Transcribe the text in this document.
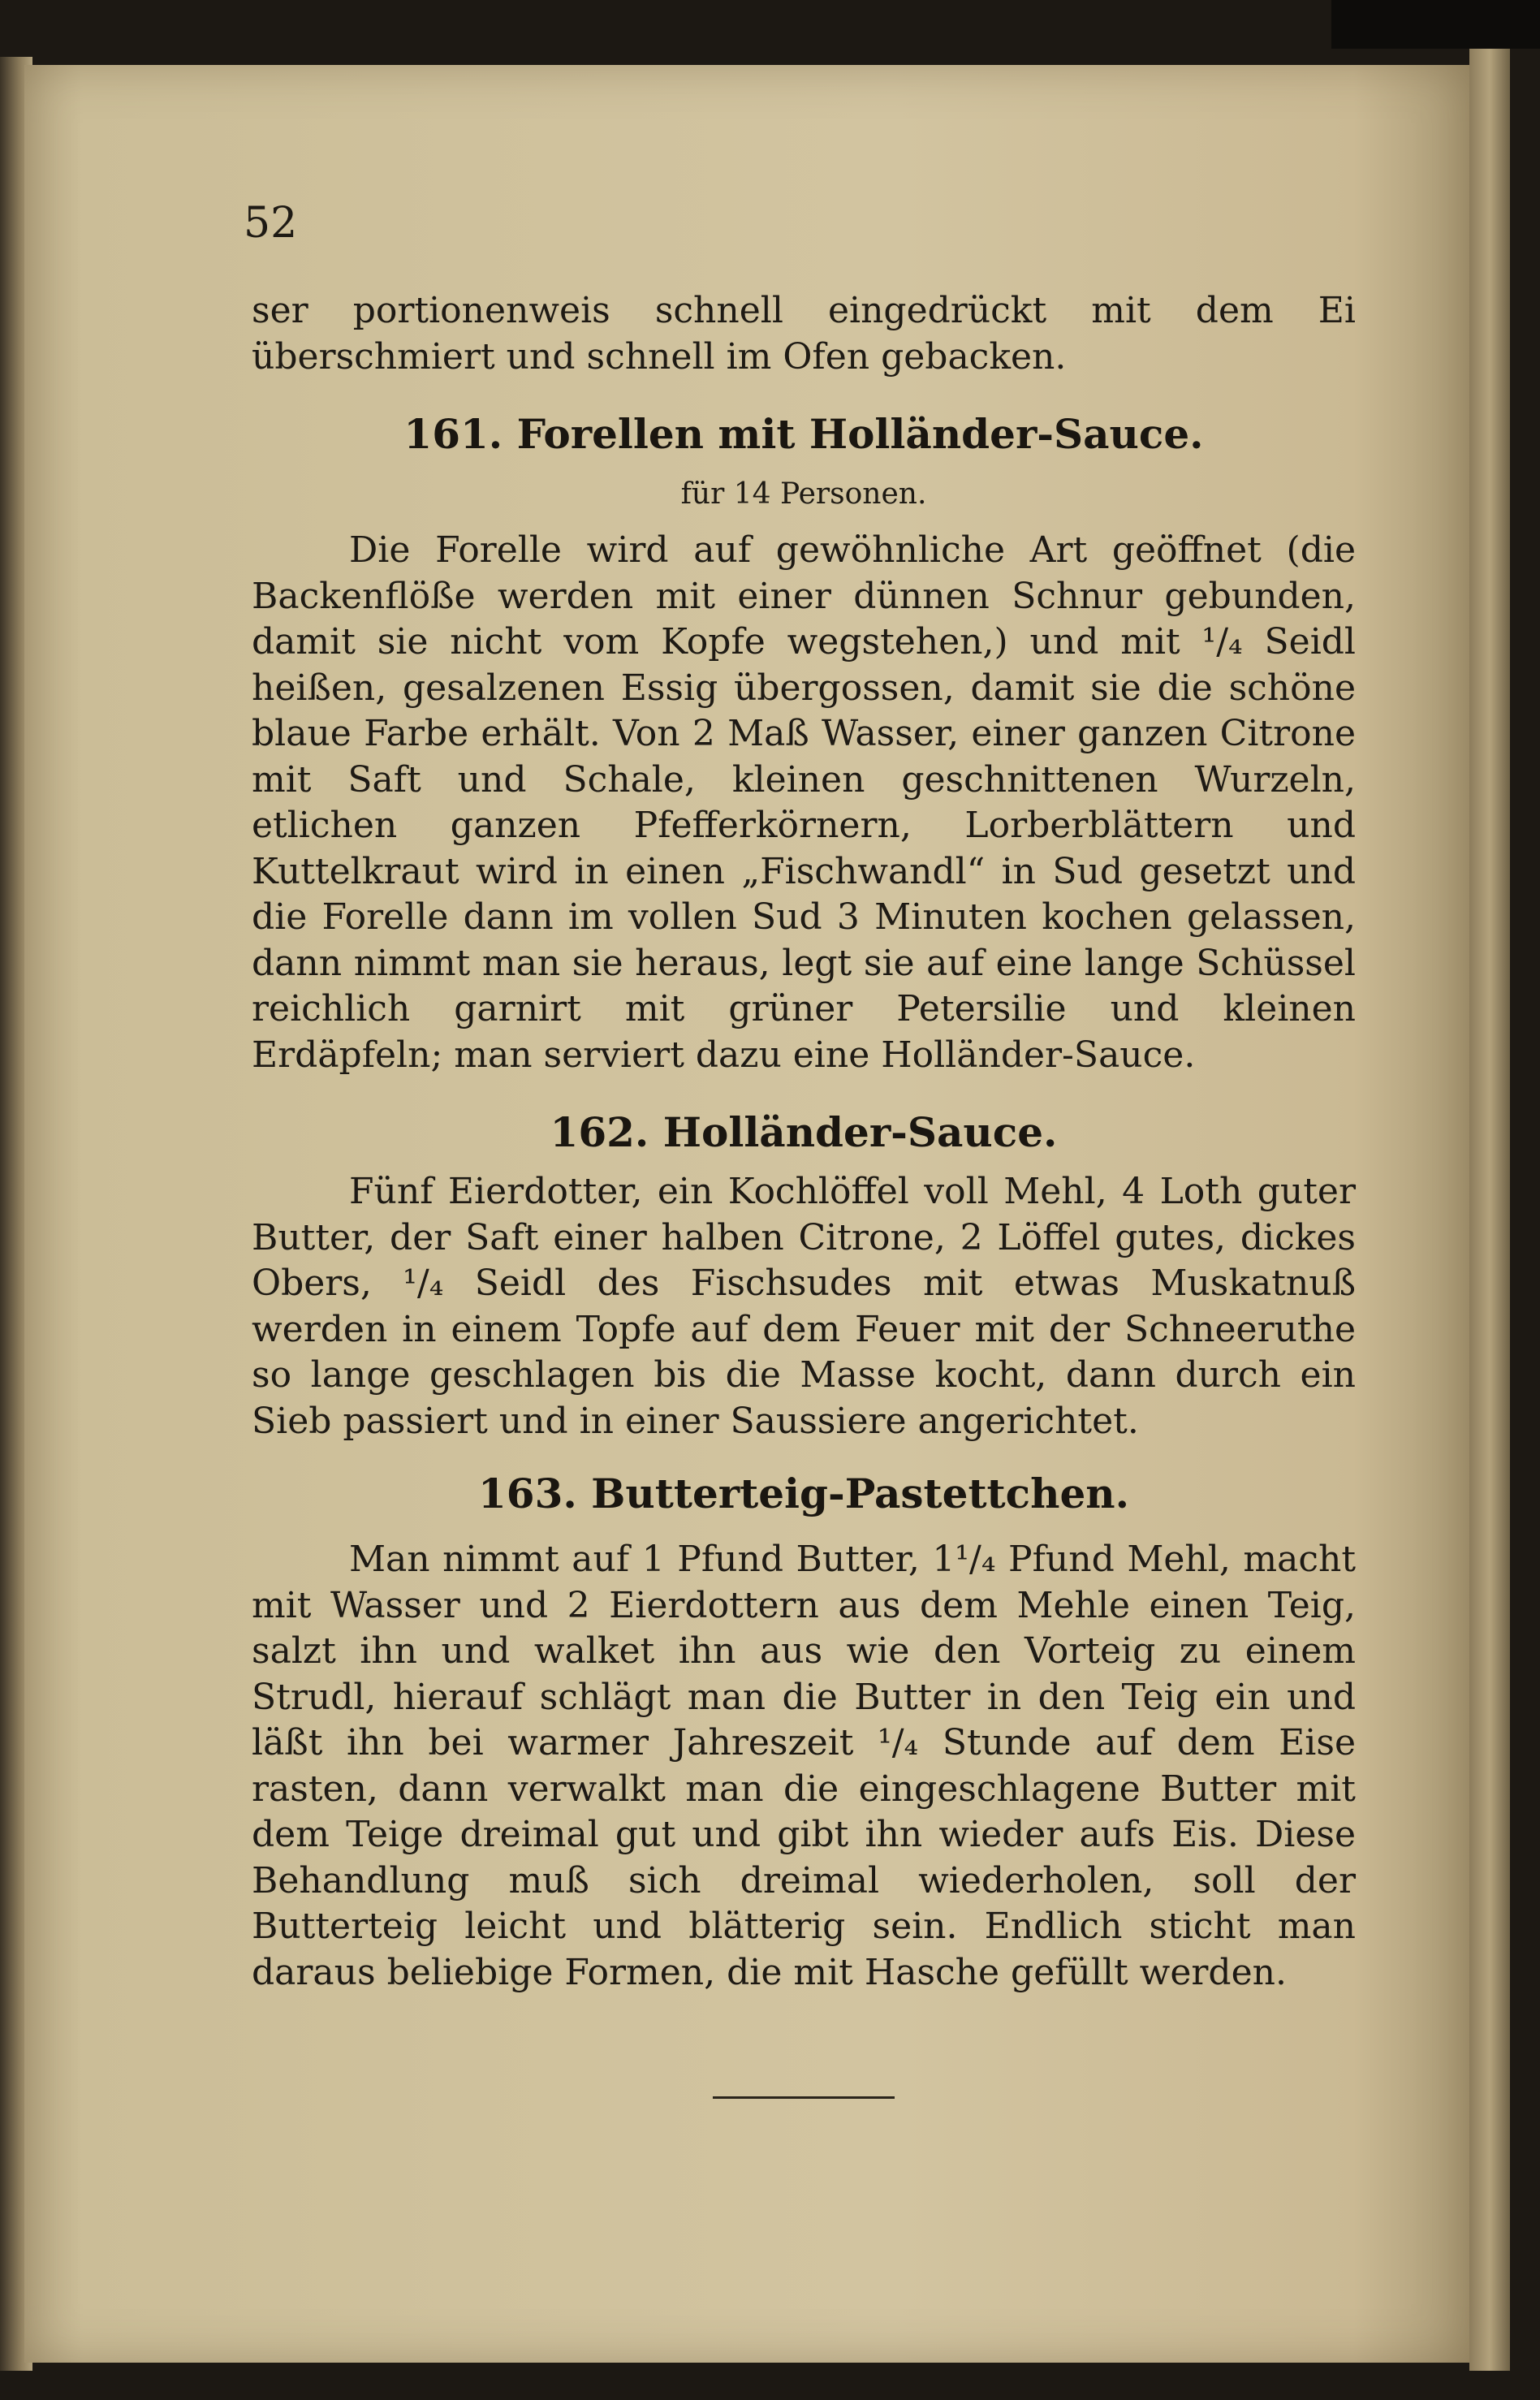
52
ser portionenweis schnell eingedrückt mit dem Ei überschmiert und schnell im Ofen gebacken.
161. Forellen mit Holländer-Sauce.
für 14 Personen.
Die Forelle wird auf gewöhnliche Art geöffnet (die Backenflöße werden mit einer dünnen Schnur gebunden, damit sie nicht vom Kopfe wegstehen,) und mit ¹/₄ Seidl heißen, gesalzenen Essig übergossen, damit sie die schöne blaue Farbe erhält. Von 2 Maß Wasser, einer ganzen Citrone mit Saft und Schale, kleinen geschnittenen Wurzeln, etlichen ganzen Pfefferkörnern, Lorberblättern und Kuttelkraut wird in einen „Fischwandl“ in Sud gesetzt und die Forelle dann im vollen Sud 3 Minuten kochen gelassen, dann nimmt man sie heraus, legt sie auf eine lange Schüssel reichlich garnirt mit grüner Petersilie und kleinen Erdäpfeln; man serviert dazu eine Holländer-Sauce.
162. Holländer-Sauce.
Fünf Eierdotter, ein Kochlöffel voll Mehl, 4 Loth guter Butter, der Saft einer halben Citrone, 2 Löffel gutes, dickes Obers, ¹/₄ Seidl des Fischsudes mit etwas Muskatnuß werden in einem Topfe auf dem Feuer mit der Schneeruthe so lange geschlagen bis die Masse kocht, dann durch ein Sieb passiert und in einer Saussiere angerichtet.
163. Butterteig-Pastettchen.
Man nimmt auf 1 Pfund Butter, 1¹/₄ Pfund Mehl, macht mit Wasser und 2 Eierdottern aus dem Mehle einen Teig, salzt ihn und walket ihn aus wie den Vorteig zu einem Strudl, hierauf schlägt man die Butter in den Teig ein und läßt ihn bei warmer Jahreszeit ¹/₄ Stunde auf dem Eise rasten, dann verwalkt man die eingeschlagene Butter mit dem Teige dreimal gut und gibt ihn wieder aufs Eis. Diese Behandlung muß sich dreimal wiederholen, soll der Butterteig leicht und blätterig sein. Endlich sticht man daraus beliebige Formen, die mit Hasche gefüllt werden.
